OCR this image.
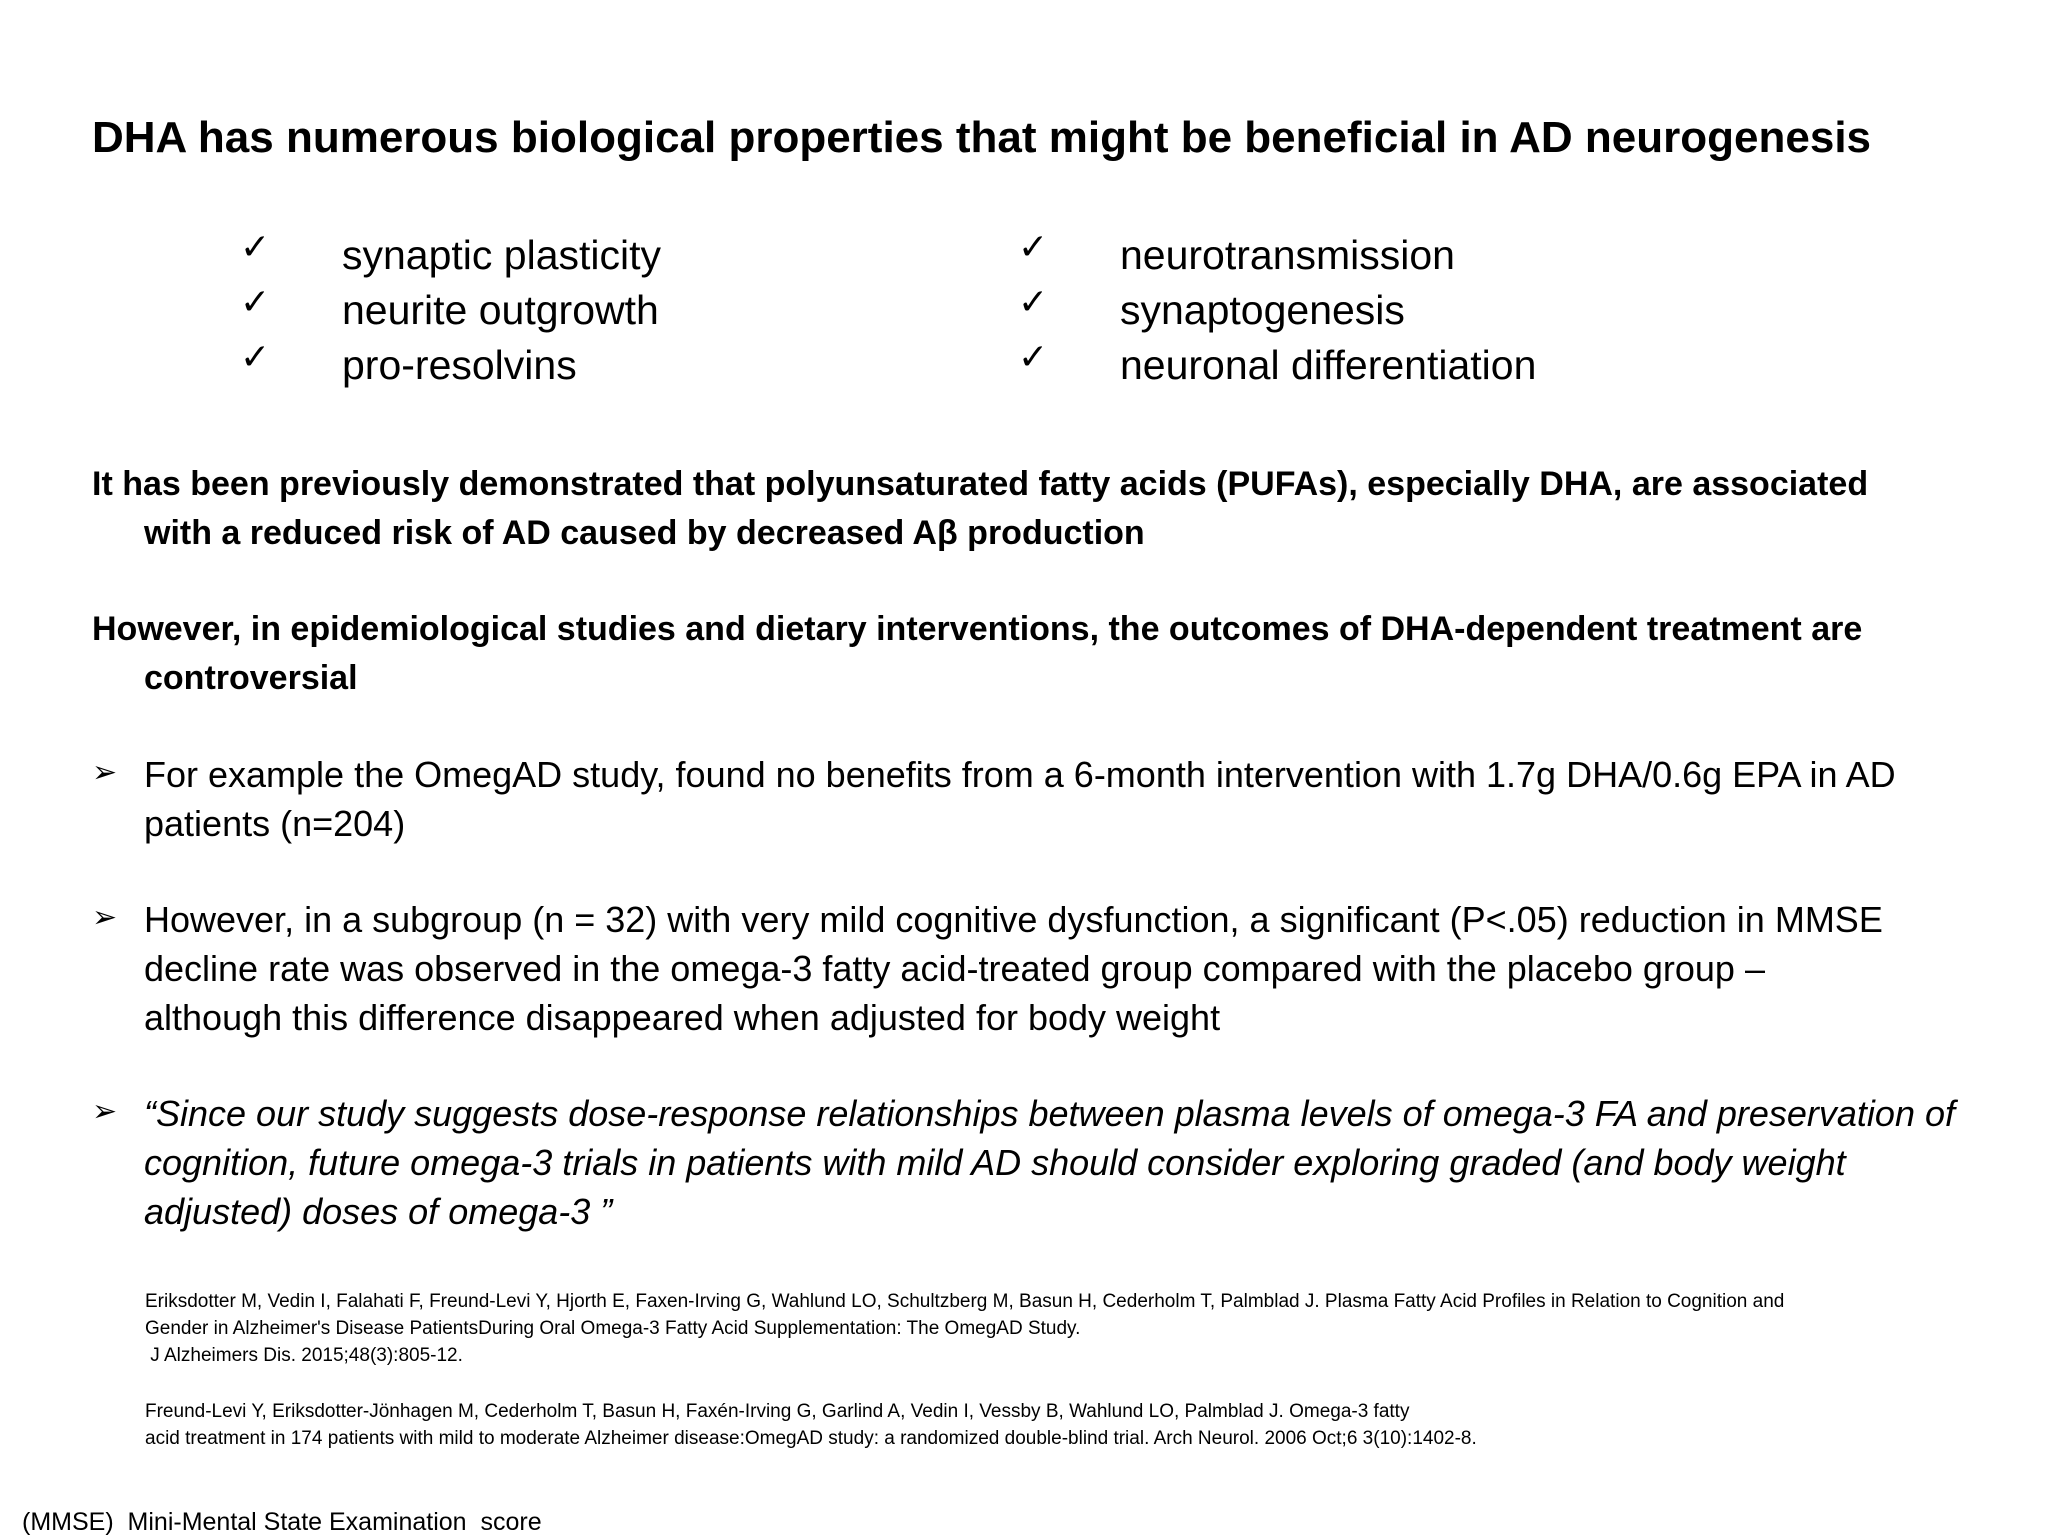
DHA has numerous biological properties that might be beneficial in AD neurogenesis
✓ synaptic plasticity
✓ neurite outgrowth
✓ pro-resolvins
✓ neurotransmission
✓ synaptogenesis
✓ neuronal differentiation
It has been previously demonstrated that polyunsaturated fatty acids (PUFAs), especially DHA, are associated
with a reduced risk of AD caused by decreased Aβ production
However, in epidemiological studies and dietary interventions, the outcomes of DHA-dependent treatment are
controversial
➢ For example the OmegAD study, found no benefits from a 6-month intervention with 1.7g DHA/0.6g EPA in AD
patients (n=204)
➢ However, in a subgroup (n = 32) with very mild cognitive dysfunction, a significant (P<.05) reduction in MMSE
decline rate was observed in the omega-3 fatty acid-treated group compared with the placebo group –
although this difference disappeared when adjusted for body weight
➢ “Since our study suggests dose-response relationships between plasma levels of omega-3 FA and preservation of
cognition, future omega-3 trials in patients with mild AD should consider exploring graded (and body weight
adjusted) doses of omega-3 ”
Eriksdotter M, Vedin I, Falahati F, Freund-Levi Y, Hjorth E, Faxen-Irving G, Wahlund LO, Schultzberg M, Basun H, Cederholm T, Palmblad J. Plasma Fatty Acid Profiles in Relation to Cognition and
Gender in Alzheimer's Disease PatientsDuring Oral Omega-3 Fatty Acid Supplementation: The OmegAD Study.
J Alzheimers Dis. 2015;48(3):805-12.
Freund-Levi Y, Eriksdotter-Jönhagen M, Cederholm T, Basun H, Faxén-Irving G, Garlind A, Vedin I, Vessby B, Wahlund LO, Palmblad J. Omega-3 fatty
acid treatment in 174 patients with mild to moderate Alzheimer disease:OmegAD study: a randomized double-blind trial. Arch Neurol. 2006 Oct;6 3(10):1402-8.
(MMSE)  Mini-Mental State Examination  score
